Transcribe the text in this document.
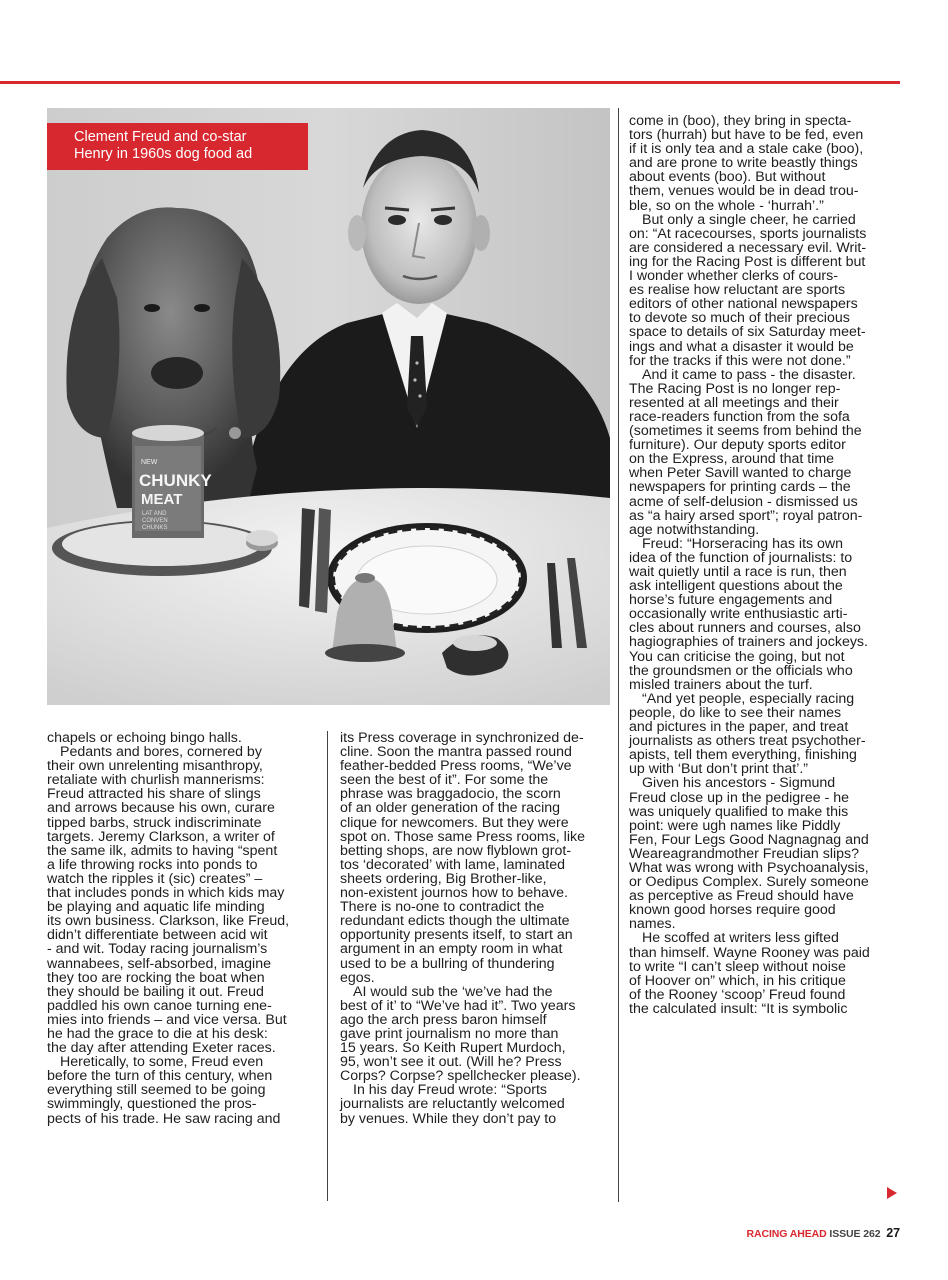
NEW
CHUNKY
MEAT
LAT AND
CONVEN
CHUNKS
Clement Freud and co-star
Henry in 1960s dog food ad
chapels or echoing bingo halls.
Pedants and bores, cornered by
their own unrelenting misanthropy,
retaliate with churlish mannerisms:
Freud attracted his share of slings
and arrows because his own, curare
tipped barbs, struck indiscriminate
targets. Jeremy Clarkson, a writer of
the same ilk, admits to having “spent
a life throwing rocks into ponds to
watch the ripples it (sic) creates” –
that includes ponds in which kids may
be playing and aquatic life minding
its own business. Clarkson, like Freud,
didn’t differentiate between acid wit
- and wit. Today racing journalism’s
wannabees, self-absorbed, imagine
they too are rocking the boat when
they should be bailing it out. Freud
paddled his own canoe turning ene-
mies into friends – and vice versa. But
he had the grace to die at his desk:
the day after attending Exeter races.
Heretically, to some, Freud even
before the turn of this century, when
everything still seemed to be going
swimmingly, questioned the pros-
pects of his trade. He saw racing and
its Press coverage in synchronized de-
cline. Soon the mantra passed round
feather-bedded Press rooms, “We’ve
seen the best of it”. For some the
phrase was braggadocio, the scorn
of an older generation of the racing
clique for newcomers. But they were
spot on. Those same Press rooms, like
betting shops, are now flyblown grot-
tos ‘decorated’ with lame, laminated
sheets ordering, Big Brother-like,
non-existent journos how to behave.
There is no-one to contradict the
redundant edicts though the ultimate
opportunity presents itself, to start an
argument in an empty room in what
used to be a bullring of thundering
egos.
AI would sub the ‘we’ve had the
best of it’ to “We’ve had it”. Two years
ago the arch press baron himself
gave print journalism no more than
15 years. So Keith Rupert Murdoch,
95, won’t see it out. (Will he? Press
Corps? Corpse? spellchecker please).
In his day Freud wrote: “Sports
journalists are reluctantly welcomed
by venues. While they don’t pay to
come in (boo), they bring in specta-
tors (hurrah) but have to be fed, even
if it is only tea and a stale cake (boo),
and are prone to write beastly things
about events (boo). But without
them, venues would be in dead trou-
ble, so on the whole - ‘hurrah’.”
But only a single cheer, he carried
on: “At racecourses, sports journalists
are considered a necessary evil. Writ-
ing for the Racing Post is different but
I wonder whether clerks of cours-
es realise how reluctant are sports
editors of other national newspapers
to devote so much of their precious
space to details of six Saturday meet-
ings and what a disaster it would be
for the tracks if this were not done.”
And it came to pass - the disaster.
The Racing Post is no longer rep-
resented at all meetings and their
race-readers function from the sofa
(sometimes it seems from behind the
furniture). Our deputy sports editor
on the Express, around that time
when Peter Savill wanted to charge
newspapers for printing cards – the
acme of self-delusion - dismissed us
as “a hairy arsed sport”; royal patron-
age notwithstanding.
Freud: “Horseracing has its own
idea of the function of journalists: to
wait quietly until a race is run, then
ask intelligent questions about the
horse’s future engagements and
occasionally write enthusiastic arti-
cles about runners and courses, also
hagiographies of trainers and jockeys.
You can criticise the going, but not
the groundsmen or the officials who
misled trainers about the turf.
“And yet people, especially racing
people, do like to see their names
and pictures in the paper, and treat
journalists as others treat psychother-
apists, tell them everything, finishing
up with ‘But don’t print that’.”
Given his ancestors - Sigmund
Freud close up in the pedigree - he
was uniquely qualified to make this
point: were ugh names like Piddly
Fen, Four Legs Good Nagnagnag and
Weareagrandmother Freudian slips?
What was wrong with Psychoanalysis,
or Oedipus Complex. Surely someone
as perceptive as Freud should have
known good horses require good
names.
He scoffed at writers less gifted
than himself. Wayne Rooney was paid
to write “I can’t sleep without noise
of Hoover on” which, in his critique
of the Rooney ‘scoop’ Freud found
the calculated insult: “It is symbolic
RACING AHEAD ISSUE 262 27
